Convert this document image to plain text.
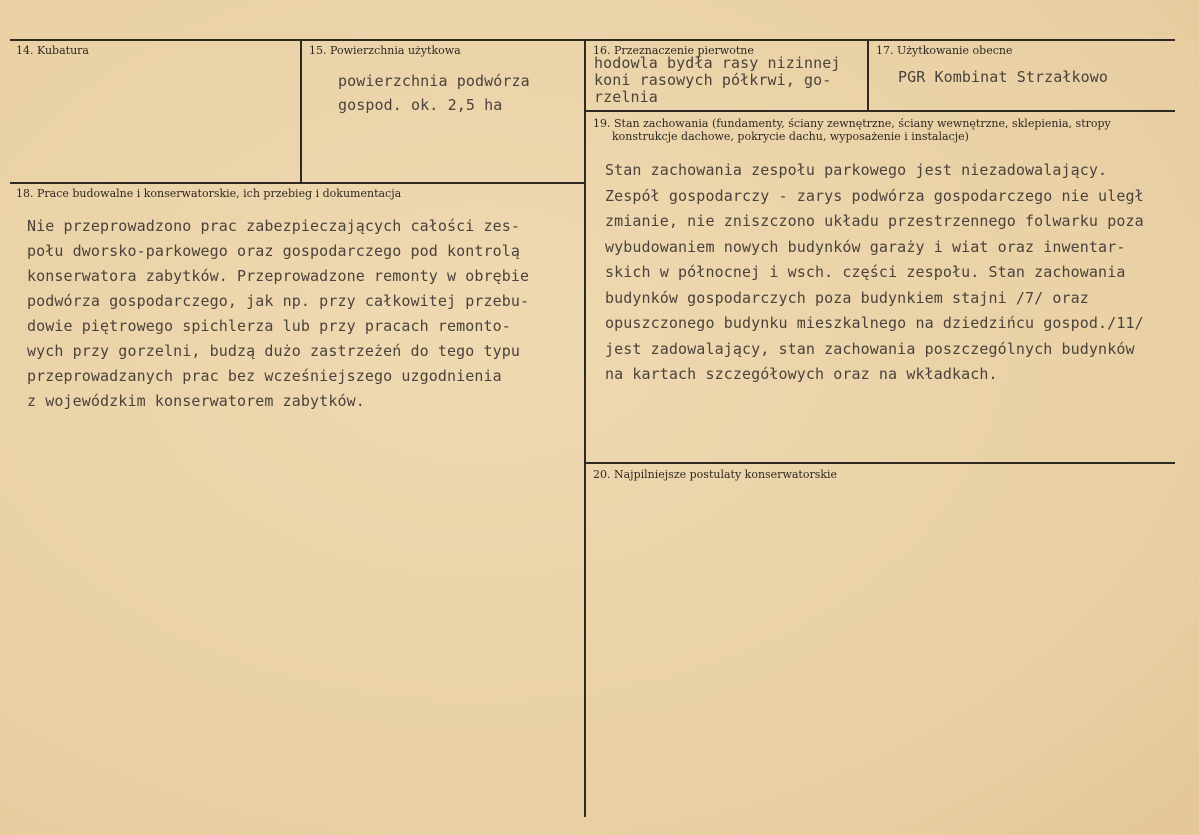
14. Kubatura	15. Powierzchnia użytkowa
powierzchnia podwórza
gospod. ok. 2,5 ha
16. Przeznaczenie pierwotne
hodowla bydła rasy nizinnej
koni rasowych półkrwi, go-
rzelnia
17. Użytkowanie obecne
PGR Kombinat Strzałkowo
19. Stan zachowania (fundamenty, ściany zewnętrzne, ściany wewnętrzne, sklepienia, stropy
konstrukcje dachowe, pokrycie dachu, wyposażenie i instalacje)
Stan zachowania zespołu parkowego jest niezadowalający.
Zespół gospodarczy - zarys podwórza gospodarczego nie uległ
zmianie, nie zniszczono układu przestrzennego folwarku poza
wybudowaniem nowych budynków garaży i wiat oraz inwentar-
skich w północnej i wsch. części zespołu. Stan zachowania
budynków gospodarczych poza budynkiem stajni /7/ oraz
opuszczonego budynku mieszkalnego na dziedzińcu gospod./11/
jest zadowalający, stan zachowania poszczególnych budynków
na kartach szczegółowych oraz na wkładkach.
18. Prace budowalne i konserwatorskie, ich przebieg i dokumentacja
Nie przeprowadzono prac zabezpieczających całości zes-
połu dworsko-parkowego oraz gospodarczego pod kontrolą
konserwatora zabytków. Przeprowadzone remonty w obrębie
podwórza gospodarczego, jak np. przy całkowitej przebu-
dowie piętrowego spichlerza lub przy pracach remonto-
wych przy gorzelni, budzą dużo zastrzeżeń do tego typu
przeprowadzanych prac bez wcześniejszego uzgodnienia
z wojewódzkim konserwatorem zabytków.
20. Najpilniejsze postulaty konserwatorskie
